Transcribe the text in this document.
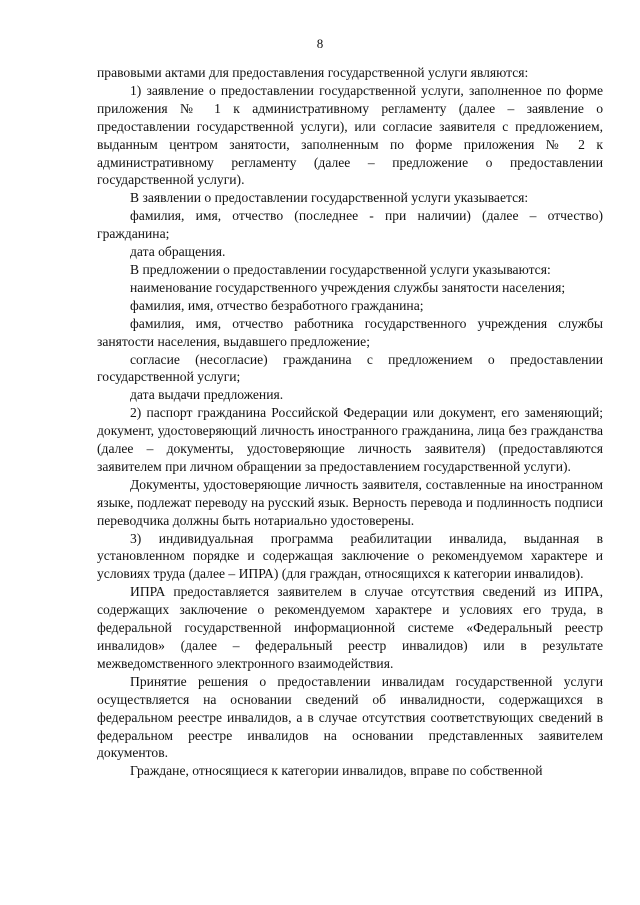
8

правовыми актами для предоставления государственной услуги являются:

1) заявление о предоставлении государственной услуги, заполненное по форме приложения № 1 к административному регламенту (далее – заявление о предоставлении государственной услуги), или согласие заявителя с предложением, выданным центром занятости, заполненным по форме приложения № 2 к административному регламенту (далее – предложение о предоставлении государственной услуги).

В заявлении о предоставлении государственной услуги указывается:

фамилия, имя, отчество (последнее - при наличии) (далее – отчество) гражданина;

дата обращения.

В предложении о предоставлении государственной услуги указываются:

наименование государственного учреждения службы занятости населения;

фамилия, имя, отчество безработного гражданина;

фамилия, имя, отчество работника государственного учреждения службы занятости населения, выдавшего предложение;

согласие (несогласие) гражданина с предложением о предоставлении государственной услуги;

дата выдачи предложения.

2) паспорт гражданина Российской Федерации или документ, его заменяющий; документ, удостоверяющий личность иностранного гражданина, лица без гражданства (далее – документы, удостоверяющие личность заявителя) (предоставляются заявителем при личном обращении за предоставлением государственной услуги).

Документы, удостоверяющие личность заявителя, составленные на иностранном языке, подлежат переводу на русский язык. Верность перевода и подлинность подписи переводчика должны быть нотариально удостоверены.

3) индивидуальная программа реабилитации инвалида, выданная в установленном порядке и содержащая заключение о рекомендуемом характере и условиях труда (далее – ИПРА) (для граждан, относящихся к категории инвалидов).

ИПРА предоставляется заявителем в случае отсутствия сведений из ИПРА, содержащих заключение о рекомендуемом характере и условиях его труда, в федеральной государственной информационной системе «Федеральный реестр инвалидов» (далее – федеральный реестр инвалидов) или в результате межведомственного электронного взаимодействия.

Принятие решения о предоставлении инвалидам государственной услуги осуществляется на основании сведений об инвалидности, содержащихся в федеральном реестре инвалидов, а в случае отсутствия соответствующих сведений в федеральном реестре инвалидов на основании представленных заявителем документов.

Граждане, относящиеся к категории инвалидов, вправе по собственной
